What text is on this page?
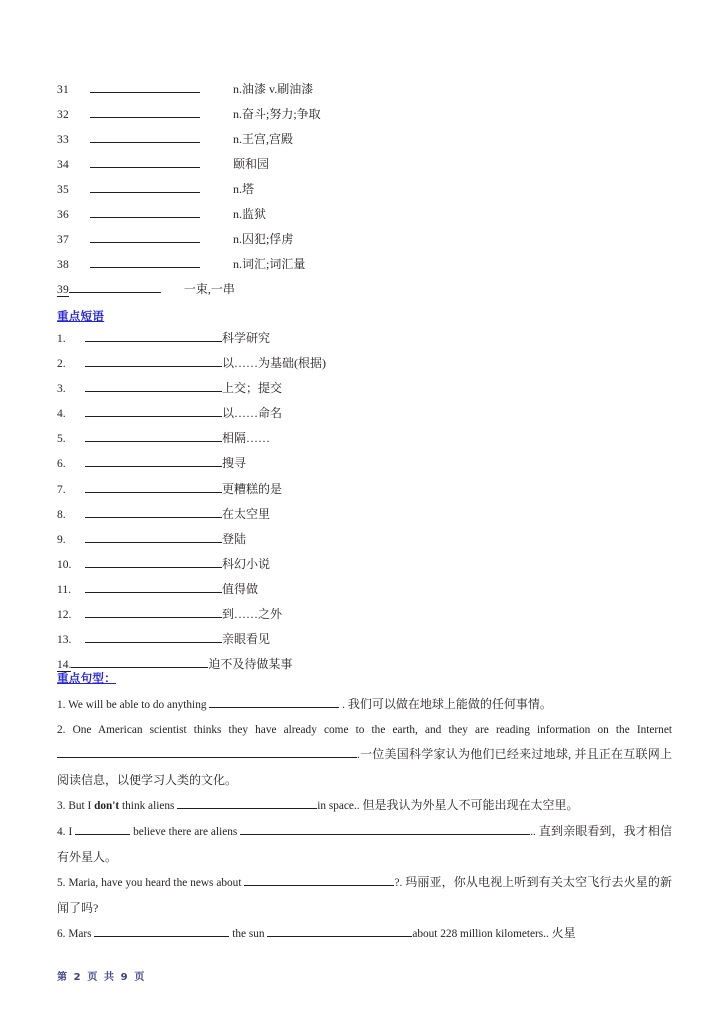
31	n.油漆 v.刷油漆
32	n.奋斗;努力;争取
33	n.王宫,宫殿
34	颐和园
35	n.塔
36	n.监狱
37	n.囚犯;俘虏
38	n.词汇;词汇量
39	一束,一串
重点短语
1.	科学研究
2.	以……为基础(根据)
3.	上交；提交
4.	以……命名
5.	相隔……
6.	搜寻
7.	更糟糕的是
8.	在太空里
9.	登陆
10.	科幻小说
11.	值得做
12.	到……之外
13.	亲眼看见
14.	迫不及待做某事
重点句型：

1. We will be able to do anything	. 我们可以做在地球上能做的任何事情。

2. One American scientist thinks they have already come to the earth, and they are reading information on the Internet .一位美国科学家认为他们已经来过地球, 并且正在互联网上阅读信息，以便学习人类的文化。

3. But I don't think aliens	in space.. 但是我认为外星人不可能出现在太空里。

4. I	believe there are aliens	.. 直到亲眼看到，我才相信有外星人。

5. Maria, have you heard the news about	?. 玛丽亚，你从电视上听到有关太空飞行去火星的新闻了吗?

6. Mars	the sun	about 228 million kilometers.. 火星

第 2 页 共 9 页
